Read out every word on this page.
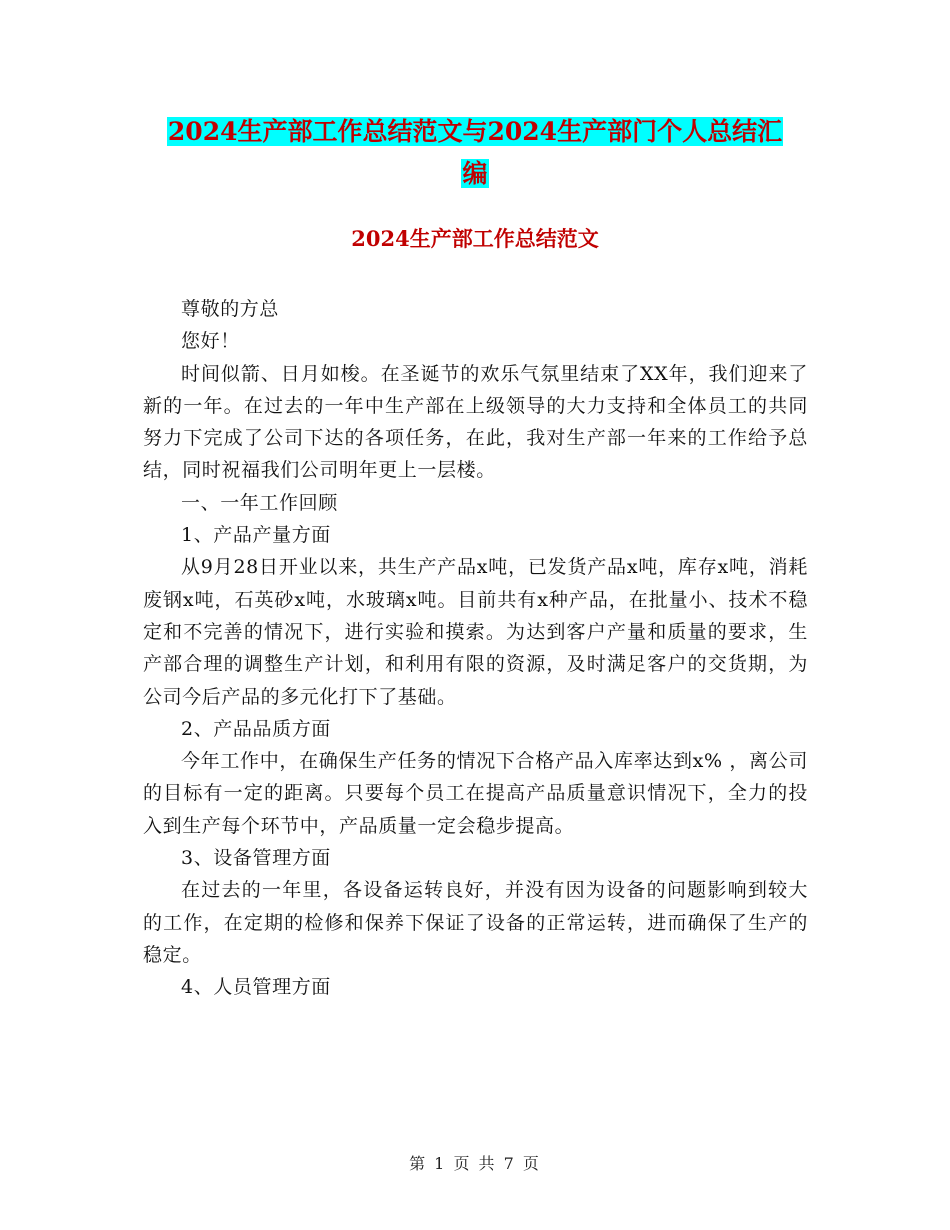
2024生产部工作总结范文与2024生产部门个人总结汇
编
2024生产部工作总结范文

尊敬的方总

您好！

时间似箭、日月如梭。在圣诞节的欢乐气氛里结束了XX年，我们迎来了新的一年。在过去的一年中生产部在上级领导的大力支持和全体员工的共同努力下完成了公司下达的各项任务，在此，我对生产部一年来的工作给予总结，同时祝福我们公司明年更上一层楼。

一、一年工作回顾

1、产品产量方面

从9月28日开业以来，共生产产品x吨，已发货产品x吨，库存x吨，消耗废钢x吨，石英砂x吨，水玻璃x吨。目前共有x种产品，在批量小、技术不稳定和不完善的情况下，进行实验和摸索。为达到客户产量和质量的要求，生产部合理的调整生产计划，和利用有限的资源，及时满足客户的交货期，为公司今后产品的多元化打下了基础。

2、产品品质方面

今年工作中，在确保生产任务的情况下合格产品入库率达到x% ，离公司的目标有一定的距离。只要每个员工在提高产品质量意识情况下，全力的投入到生产每个环节中，产品质量一定会稳步提高。

3、设备管理方面

在过去的一年里，各设备运转良好，并没有因为设备的问题影响到较大的工作，在定期的检修和保养下保证了设备的正常运转，进而确保了生产的稳定。

4、人员管理方面

第 1 页 共 7 页
